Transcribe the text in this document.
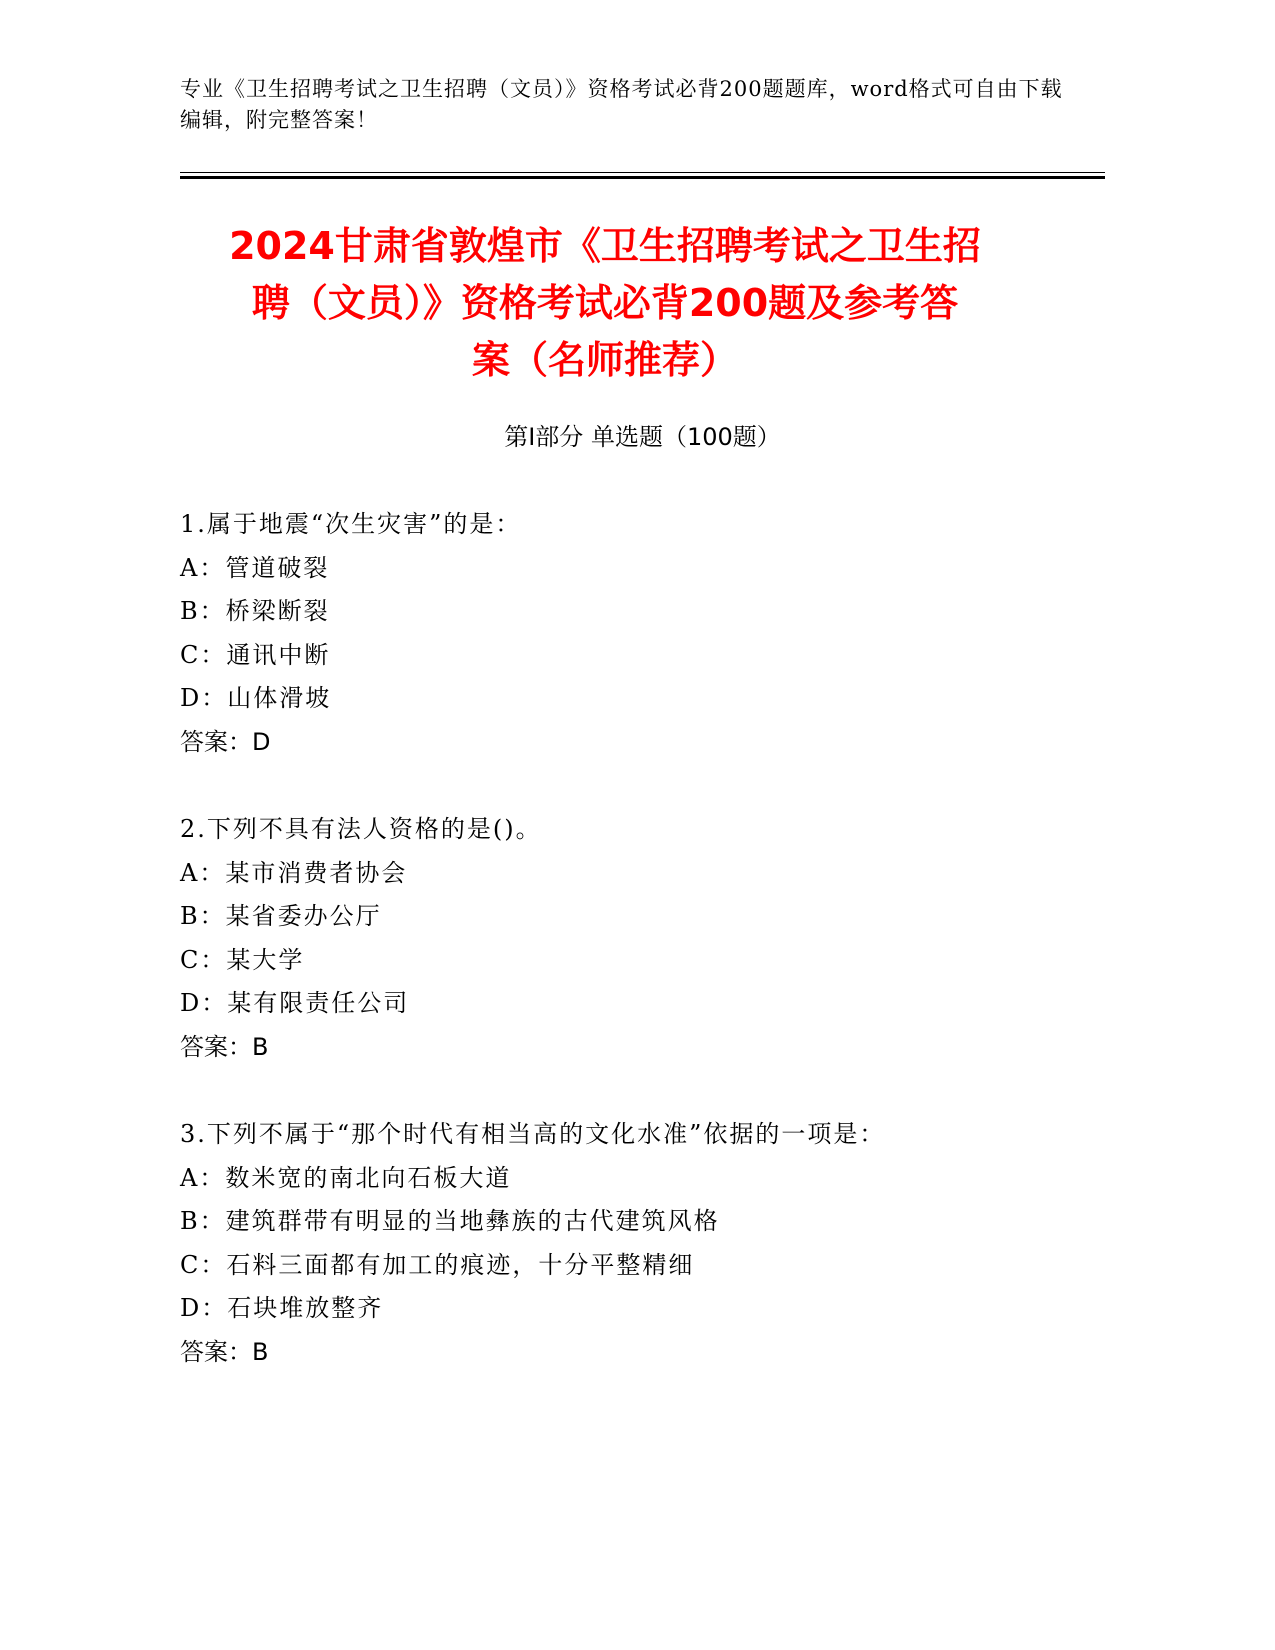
专业《卫生招聘考试之卫生招聘（文员）》资格考试必背200题题库，word格式可自由下载编辑，附完整答案！
2024甘肃省敦煌市《卫生招聘考试之卫生招
聘（文员）》资格考试必背200题及参考答
案（名师推荐）
第I部分 单选题（100题）
1.属于地震“次生灾害”的是：
A：管道破裂
B：桥梁断裂
C：通讯中断
D：山体滑坡
答案：D
2.下列不具有法人资格的是()。
A：某市消费者协会
B：某省委办公厅
C：某大学
D：某有限责任公司
答案：B
3.下列不属于“那个时代有相当高的文化水准”依据的一项是：
A：数米宽的南北向石板大道
B：建筑群带有明显的当地彝族的古代建筑风格
C：石料三面都有加工的痕迹，十分平整精细
D：石块堆放整齐
答案：B
